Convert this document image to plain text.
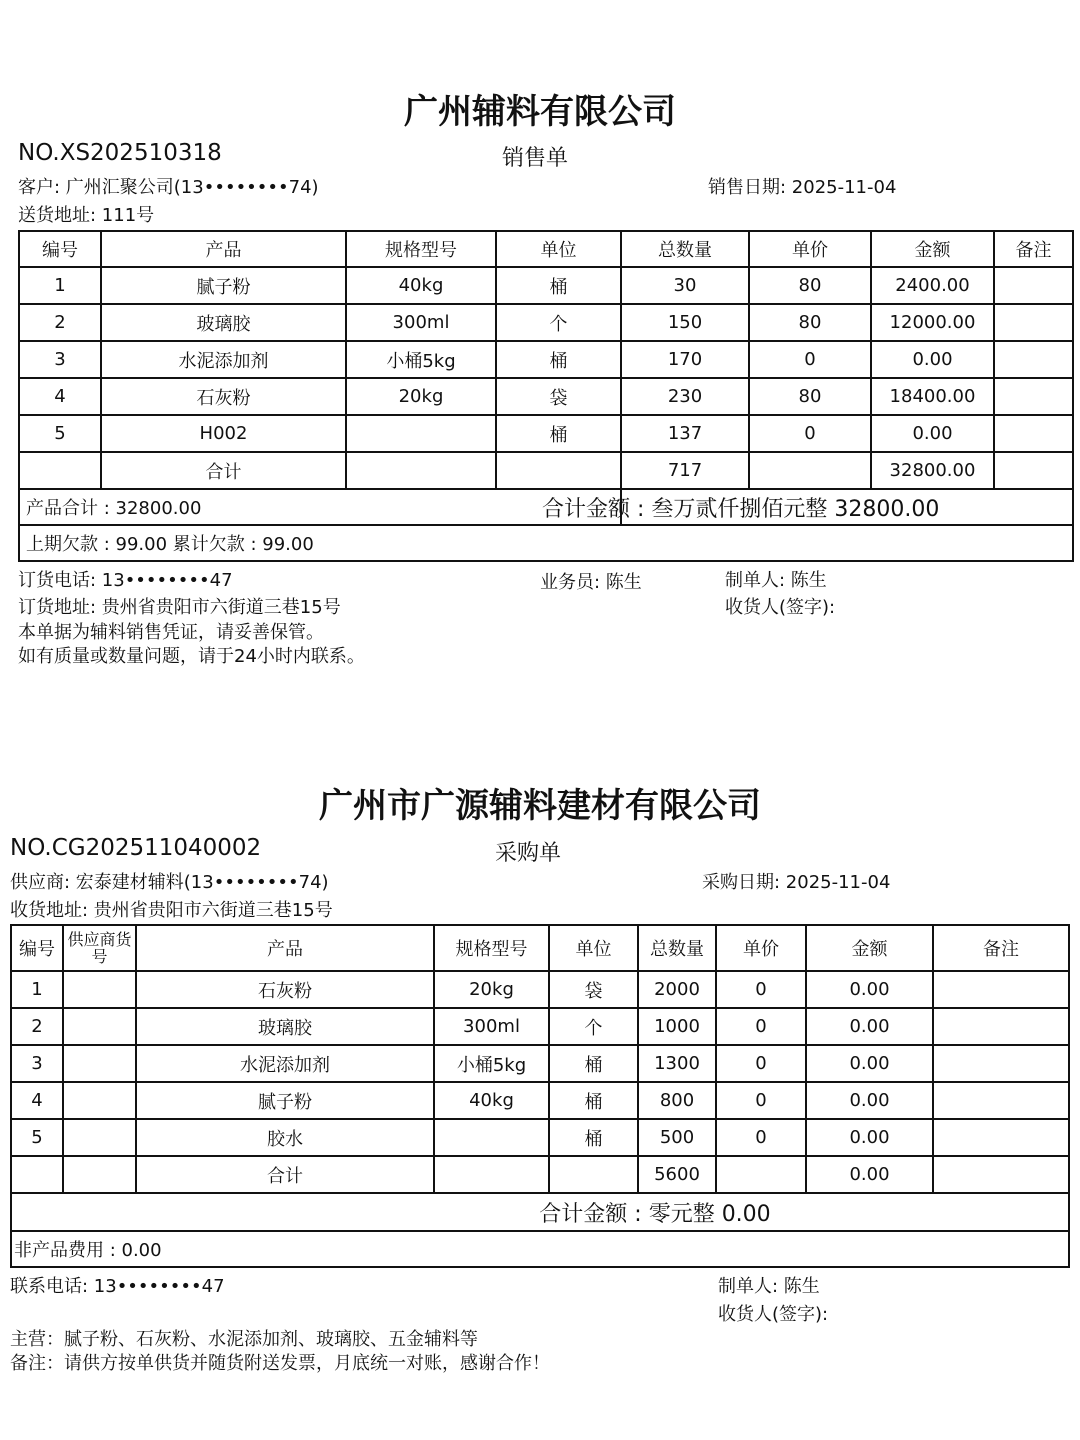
广州辅料有限公司
NO.XS202510318	销售单
客户: 广州汇聚公司(13••••••••74)	销售日期: 2025-11-04
送货地址: 111号
编号	产品	规格型号	单位	总数量	单价	金额	备注
1	腻子粉	40kg	桶	30	80	2400.00	
2	玻璃胶	300ml	个	150	80	12000.00	
3	水泥添加剂	小桶5kg	桶	170	0	0.00	
4	石灰粉	20kg	袋	230	80	18400.00	
5	H002		桶	137	0	0.00	
	合计			717		32800.00	
产品合计 : 32800.00				合计金额 : 叁万贰仟捌佰元整 32800.00			
上期欠款 : 99.00 累计欠款 : 99.00							
订货电话: 13••••••••47	业务员: 陈生	制单人: 陈生
订货地址: 贵州省贵阳市六街道三巷15号	收货人(签字):
本单据为辅料销售凭证，请妥善保管。
如有质量或数量问题，请于24小时内联系。
广州市广源辅料建材有限公司
NO.CG202511040002	采购单
供应商: 宏泰建材辅料(13••••••••74)	采购日期: 2025-11-04
收货地址: 贵州省贵阳市六街道三巷15号
编号	供应商货号	产品	规格型号	单位	总数量	单价	金额	备注
1		石灰粉	20kg	袋	2000	0	0.00	
2		玻璃胶	300ml	个	1000	0	0.00	
3		水泥添加剂	小桶5kg	桶	1300	0	0.00	
4		腻子粉	40kg	桶	800	0	0.00	
5		胶水		桶	500	0	0.00	
		合计			5600		0.00	
合计金额 : 零元整 0.00								
非产品费用 : 0.00								
联系电话: 13••••••••47	制单人: 陈生
收货人(签字):
主营：腻子粉、石灰粉、水泥添加剂、玻璃胶、五金辅料等
备注：请供方按单供货并随货附送发票，月底统一对账，感谢合作！
